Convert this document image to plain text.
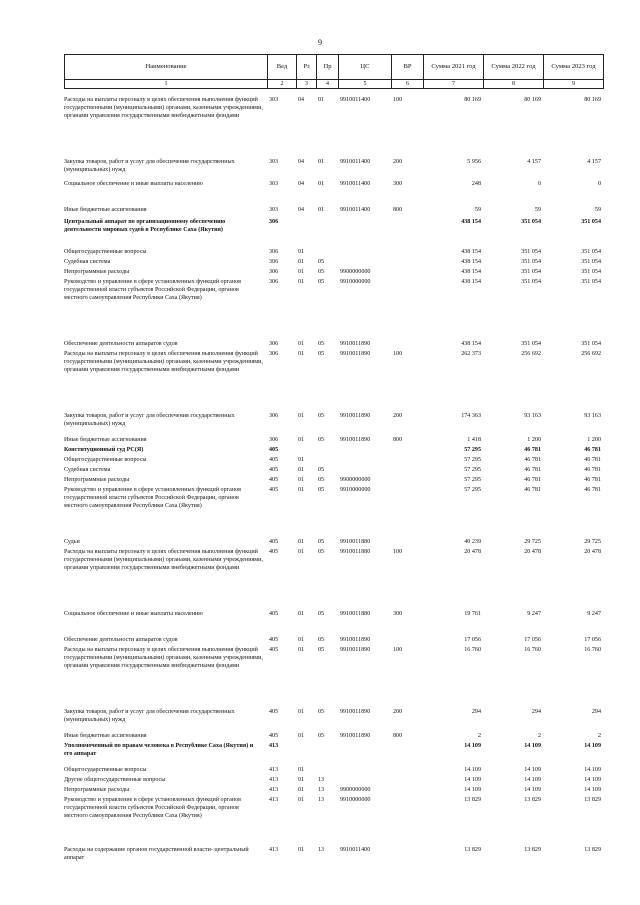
9
Наименование	Вед	Рз	Пр	ЦС	ВР	Сумма 2021 год	Сумма 2022 год	Сумма 2023 год
1	2	3	4	5	6	7	8	9
Расходы на выплаты персоналу в целях обеспечения выполнения функций государственными (муниципальными) органами, казенными учреждениями, органами управления государственными внебюджетными фондами	303	04	01	9910011400	100	80 169	80 169	80 169
Закупка товаров, работ и услуг для обеспечения государственных (муниципальных) нужд	303	04	01	9910011400	200	5 956	4 157	4 157
Социальное обеспечение и иные выплаты населению	303	04	01	9910011400	300	248	0	0
Иные бюджетные ассигнования	303	04	01	9910011400	800	59	59	59
Центральный аппарат по организационному обеспечению деятельности мировых судей в Республике Саха (Якутия)	306					438 154	351 054	351 054
Общегосударственные вопросы	306	01				438 154	351 054	351 054
Судебная система	306	01	05			438 154	351 054	351 054
Непрограммные расходы	306	01	05	9900000000		438 154	351 054	351 054
Руководство и управление в сфере установленных функций органов государственной власти субъектов Российской Федерации, органов местного самоуправления Республики Саха (Якутия)	306	01	05	9910000000		438 154	351 054	351 054
Обеспечение деятельности аппаратов судов	306	01	05	9910011890		438 154	351 054	351 054
Расходы на выплаты персоналу в целях обеспечения выполнения функций государственными (муниципальными) органами, казенными учреждениями, органами управления государственными внебюджетными фондами	306	01	05	9910011890	100	262 373	256 692	256 692
Закупка товаров, работ и услуг для обеспечения государственных (муниципальных) нужд	306	01	05	9910011890	200	174 363	93 163	93 163
Иные бюджетные ассигнования	306	01	05	9910011890	800	1 418	1 200	1 200
Конституционный суд РС(Я)	405					57 295	46 781	46 781
Общегосударственные вопросы	405	01				57 295	46 781	46 781
Судебная система	405	01	05			57 295	46 781	46 781
Непрограммные расходы	405	01	05	9900000000		57 295	46 781	46 781
Руководство и управление в сфере установленных функций органов государственной власти субъектов Российской Федерации, органов местного самоуправления Республики Саха (Якутия)	405	01	05	9910000000		57 295	46 781	46 781
Судьи	405	01	05	9910011880		40 239	29 725	29 725
Расходы на выплаты персоналу в целях обеспечения выполнения функций государственными (муниципальными) органами, казенными учреждениями, органами управления государственными внебюджетными фондами	405	01	05	9910011880	100	20 478	20 478	20 478
Социальное обеспечение и иные выплаты населению	405	01	05	9910011880	300	19 761	9 247	9 247
Обеспечение деятельности аппаратов судов	405	01	05	9910011890		17 056	17 056	17 056
Расходы на выплаты персоналу в целях обеспечения выполнения функций государственными (муниципальными) органами, казенными учреждениями, органами управления государственными внебюджетными фондами	405	01	05	9910011890	100	16 760	16 760	16 760
Закупка товаров, работ и услуг для обеспечения государственных (муниципальных) нужд	405	01	05	9910011890	200	294	294	294
Иные бюджетные ассигнования	405	01	05	9910011890	800	2	2	2
Уполномоченный по правам человека в Республике Саха (Якутия) и его аппарат	413					14 109	14 109	14 109
Общегосударственные вопросы	413	01				14 109	14 109	14 109
Другие общегосударственные вопросы	413	01	13			14 109	14 109	14 109
Непрограммные расходы	413	01	13	9900000000		14 109	14 109	14 109
Руководство и управление в сфере установленных функций органов государственной власти субъектов Российской Федерации, органов местного самоуправления Республики Саха (Якутия)	413	01	13	9910000000		13 829	13 829	13 829
Расходы на содержание органов государственной власти- центральный аппарат	413	01	13	9910011400		13 829	13 829	13 829
